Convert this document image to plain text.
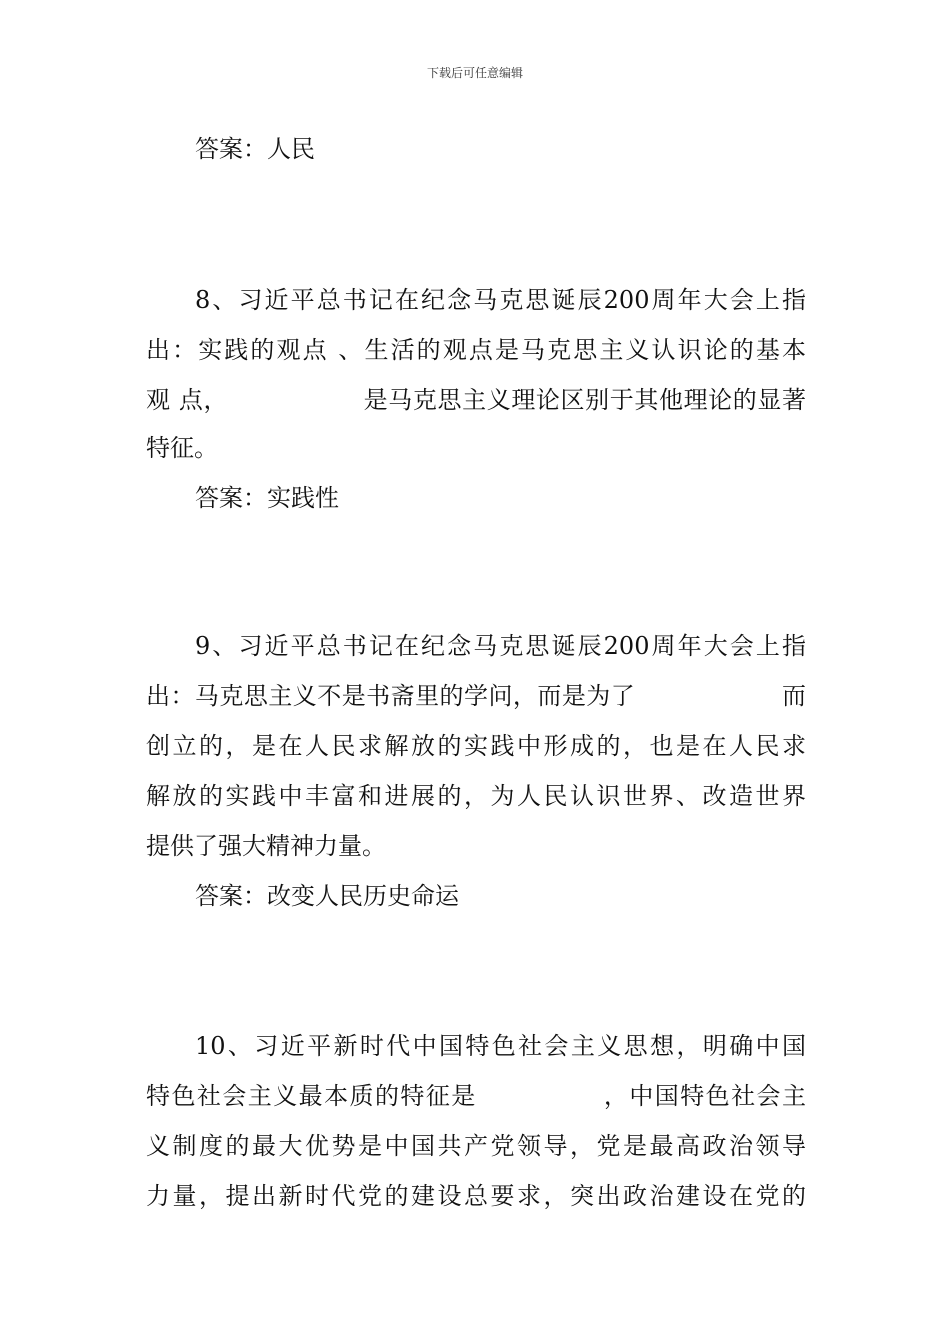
下载后可任意编辑
答案：人民
8、习近平总书记在纪念马克思诞辰200周年大会上指
出：实践的观点 、生活的观点是马克思主义认识论的基本
观 点，　　　　　　是马克思主义理论区别于其他理论的显著
特征。
答案：实践性
9、习近平总书记在纪念马克思诞辰200周年大会上指
出：马克思主义不是书斋里的学问，而是为了　　　　　　而
创立的，是在人民求解放的实践中形成的，也是在人民求
解放的实践中丰富和进展的，为人民认识世界、改造世界
提供了强大精神力量。
答案：改变人民历史命运
10、习近平新时代中国特色社会主义思想，明确中国
特色社会主义最本质的特征是　　　　　，中国特色社会主
义制度的最大优势是中国共产党领导，党是最高政治领导
力量，提出新时代党的建设总要求，突出政治建设在党的
